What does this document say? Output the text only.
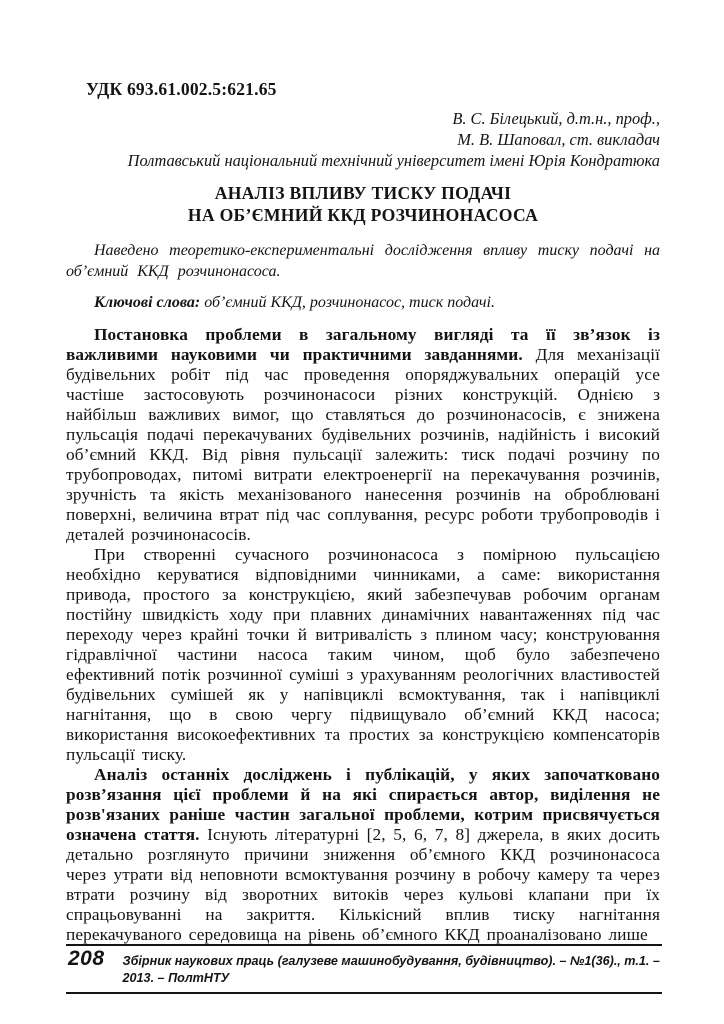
УДК 693.61.002.5:621.65
В. С. Білецький, д.т.н., проф.,
М. В. Шаповал, ст. викладач
Полтавський національний технічний університет імені Юрія Кондратюка
АНАЛІЗ ВПЛИВУ ТИСКУ ПОДАЧІ
НА ОБ’ЄМНИЙ ККД РОЗЧИНОНАСОСА

Наведено теоретико-експериментальні дослідження впливу тиску подачі на об’ємний ККД розчинонасоса.

Ключові слова: об’ємний ККД, розчинонасос, тиск подачі.

Постановка проблеми в загальному вигляді та її зв’язок із важливими науковими чи практичними завданнями. Для механізації будівельних робіт під час проведення опоряджувальних операцій усе частіше застосовують розчинонасоси різних конструкцій. Однією з найбільш важливих вимог, що ставляться до розчинонасосів, є знижена пульсація подачі перекачуваних будівельних розчинів, надійність і високий об’ємний ККД. Від рівня пульсації залежить: тиск подачі розчину по трубопроводах, питомі витрати електроенергії на перекачування розчинів, зручність та якість механізованого нанесення розчинів на оброблювані поверхні, величина втрат під час соплування, ресурс роботи трубопроводів і деталей розчинонасосів.

При створенні сучасного розчинонасоса з помірною пульсацією необхідно керуватися відповідними чинниками, а саме: використання привода, простого за конструкцією, який забезпечував робочим органам постійну швидкість ходу при плавних динамічних навантаженнях під час переходу через крайні точки й витривалість з плином часу; конструювання гідравлічної частини насоса таким чином, щоб було забезпечено ефективний потік розчинної суміші з урахуванням реологічних властивостей будівельних сумішей як у напівциклі всмоктування, так і напівциклі нагнітання, що в свою чергу підвищувало об’ємний ККД насоса; використання високоефективних та простих за конструкцією компенсаторів пульсації тиску.

Аналіз останніх досліджень і публікацій, у яких започатковано розв’язання цієї проблеми й на які спирається автор, виділення не розв'язаних раніше частин загальної проблеми, котрим присвячується означена стаття. Існують літературні [2, 5, 6, 7, 8] джерела, в яких досить детально розглянуто причини зниження об’ємного ККД розчинонасоса через утрати від неповноти всмоктування розчину в робочу камеру та через втрати розчину від зворотних витоків через кульові клапани при їх спрацьовуванні на закриття. Кількісний вплив тиску нагнітання перекачуваного середовища на рівень об’ємного ККД проаналізовано лише

208 Збірник наукових праць (галузеве машинобудування, будівництво). – №1(36)., т.1. – 2013. – ПолтНТУ
